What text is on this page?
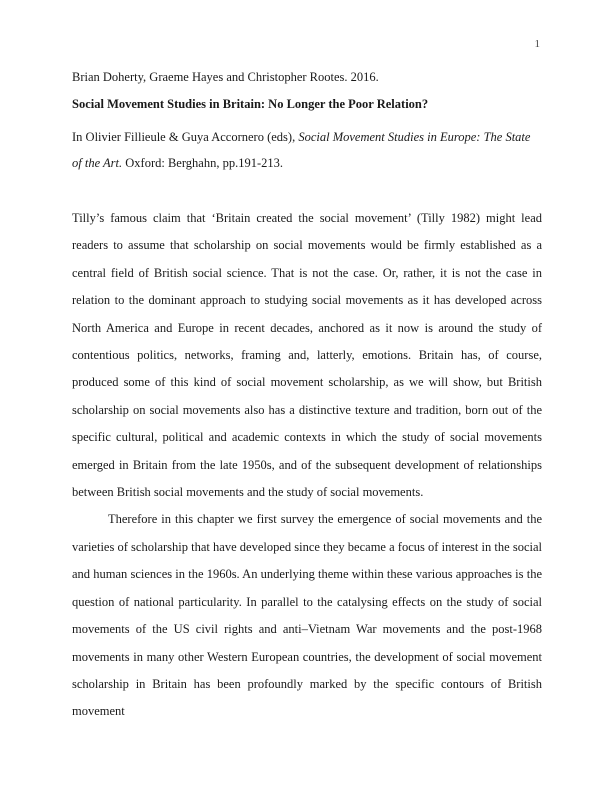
1

Brian Doherty, Graeme Hayes and Christopher Rootes. 2016.

Social Movement Studies in Britain: No Longer the Poor Relation?

In Olivier Fillieule & Guya Accornero (eds), Social Movement Studies in Europe: The State of the Art. Oxford: Berghahn, pp.191-213.

Tilly’s famous claim that ‘Britain created the social movement’ (Tilly 1982) might lead readers to assume that scholarship on social movements would be firmly established as a central field of British social science. That is not the case. Or, rather, it is not the case in relation to the dominant approach to studying social movements as it has developed across North America and Europe in recent decades, anchored as it now is around the study of contentious politics, networks, framing and, latterly, emotions. Britain has, of course, produced some of this kind of social movement scholarship, as we will show, but British scholarship on social movements also has a distinctive texture and tradition, born out of the specific cultural, political and academic contexts in which the study of social movements emerged in Britain from the late 1950s, and of the subsequent development of relationships between British social movements and the study of social movements.

Therefore in this chapter we first survey the emergence of social movements and the varieties of scholarship that have developed since they became a focus of interest in the social and human sciences in the 1960s. An underlying theme within these various approaches is the question of national particularity. In parallel to the catalysing effects on the study of social movements of the US civil rights and anti–Vietnam War movements and the post-1968 movements in many other Western European countries, the development of social movement scholarship in Britain has been profoundly marked by the specific contours of British movement
